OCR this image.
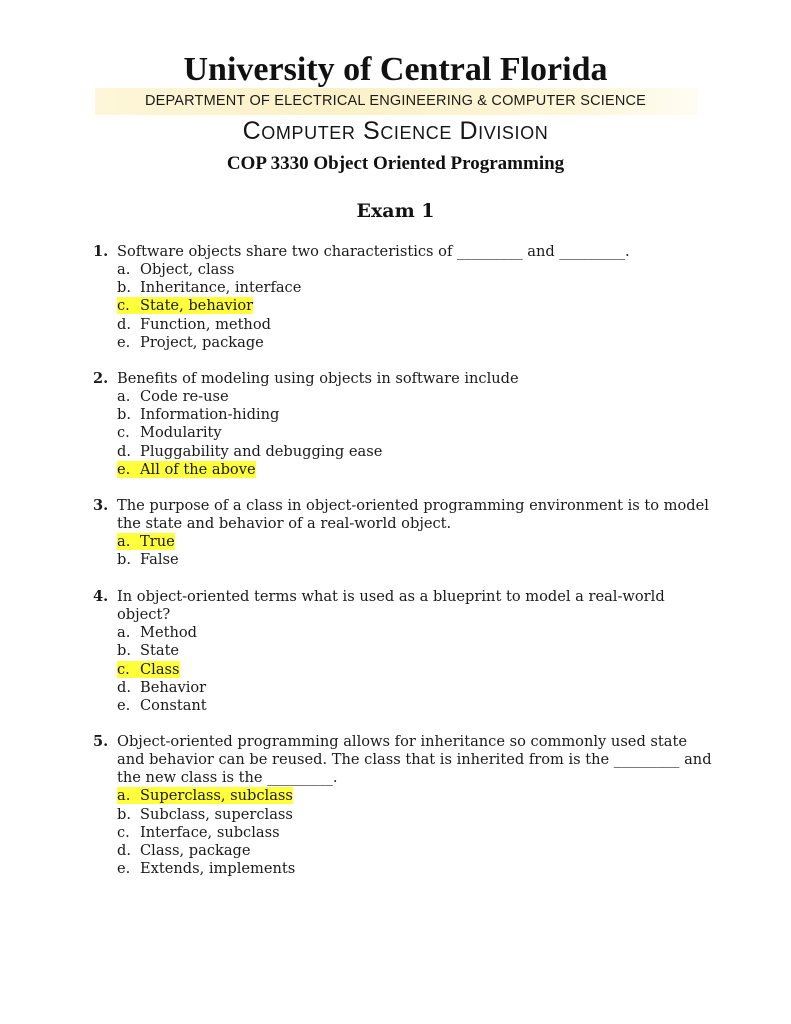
University of Central Florida
DEPARTMENT OF ELECTRICAL ENGINEERING & COMPUTER SCIENCE
Computer Science Division
COP 3330 Object Oriented Programming
Exam 1
1. Software objects share two characteristics of _________ and _________.
a. Object, class
b. Inheritance, interface
c. State, behavior
d. Function, method
e. Project, package
2. Benefits of modeling using objects in software include
a. Code re-use
b. Information-hiding
c. Modularity
d. Pluggability and debugging ease
e. All of the above
3. The purpose of a class in object-oriented programming environment is to model the state and behavior of a real-world object.
a. True
b. False
4. In object-oriented terms what is used as a blueprint to model a real-world object?
a. Method
b. State
c. Class
d. Behavior
e. Constant
5. Object-oriented programming allows for inheritance so commonly used state and behavior can be reused. The class that is inherited from is the _________ and the new class is the _________.
a. Superclass, subclass
b. Subclass, superclass
c. Interface, subclass
d. Class, package
e. Extends, implements
